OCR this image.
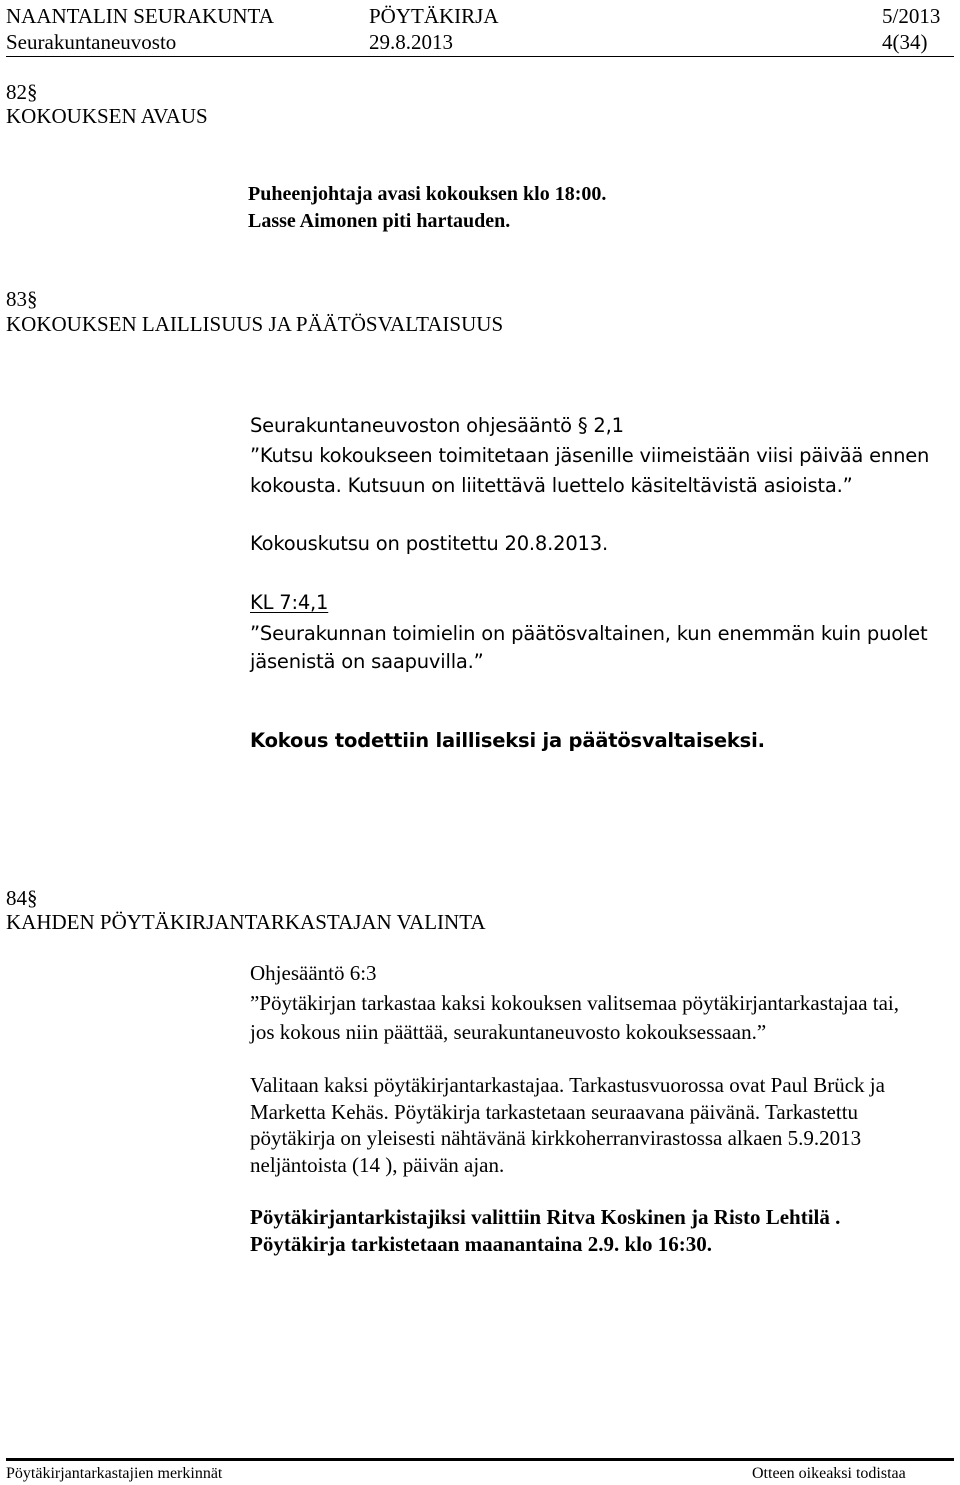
NAANTALIN SEURAKUNTA	PÖYTÄKIRJA	5/2013
Seurakuntaneuvosto	29.8.2013	4(34)
82§
KOKOUKSEN AVAUS
Puheenjohtaja avasi kokouksen klo 18:00.
Lasse Aimonen piti hartauden.
83§
KOKOUKSEN LAILLISUUS JA PÄÄTÖSVALTAISUUS
Seurakuntaneuvoston ohjesääntö § 2,1
”Kutsu kokoukseen toimitetaan jäsenille viimeistään viisi päivää ennen
kokousta. Kutsuun on liitettävä luettelo käsiteltävistä asioista.”
Kokouskutsu on postitettu 20.8.2013.
KL 7:4,1
”Seurakunnan toimielin on päätösvaltainen, kun enemmän kuin puolet
jäsenistä on saapuvilla.”
Kokous todettiin lailliseksi ja päätösvaltaiseksi.
84§
KAHDEN PÖYTÄKIRJANTARKASTAJAN VALINTA
Ohjesääntö 6:3
”Pöytäkirjan tarkastaa kaksi kokouksen valitsemaa pöytäkirjantarkastajaa tai,
jos kokous niin päättää, seurakuntaneuvosto kokouksessaan.”
Valitaan kaksi pöytäkirjantarkastajaa. Tarkastusvuorossa ovat Paul Brück ja
Marketta Kehäs. Pöytäkirja tarkastetaan seuraavana päivänä. Tarkastettu
pöytäkirja on yleisesti nähtävänä kirkkoherranvirastossa alkaen 5.9.2013
neljäntoista (14 ), päivän ajan.
Pöytäkirjantarkistajiksi valittiin Ritva Koskinen ja Risto Lehtilä .
Pöytäkirja tarkistetaan maanantaina 2.9. klo 16:30.
Pöytäkirjantarkastajien merkinnät	Otteen oikeaksi todistaa
